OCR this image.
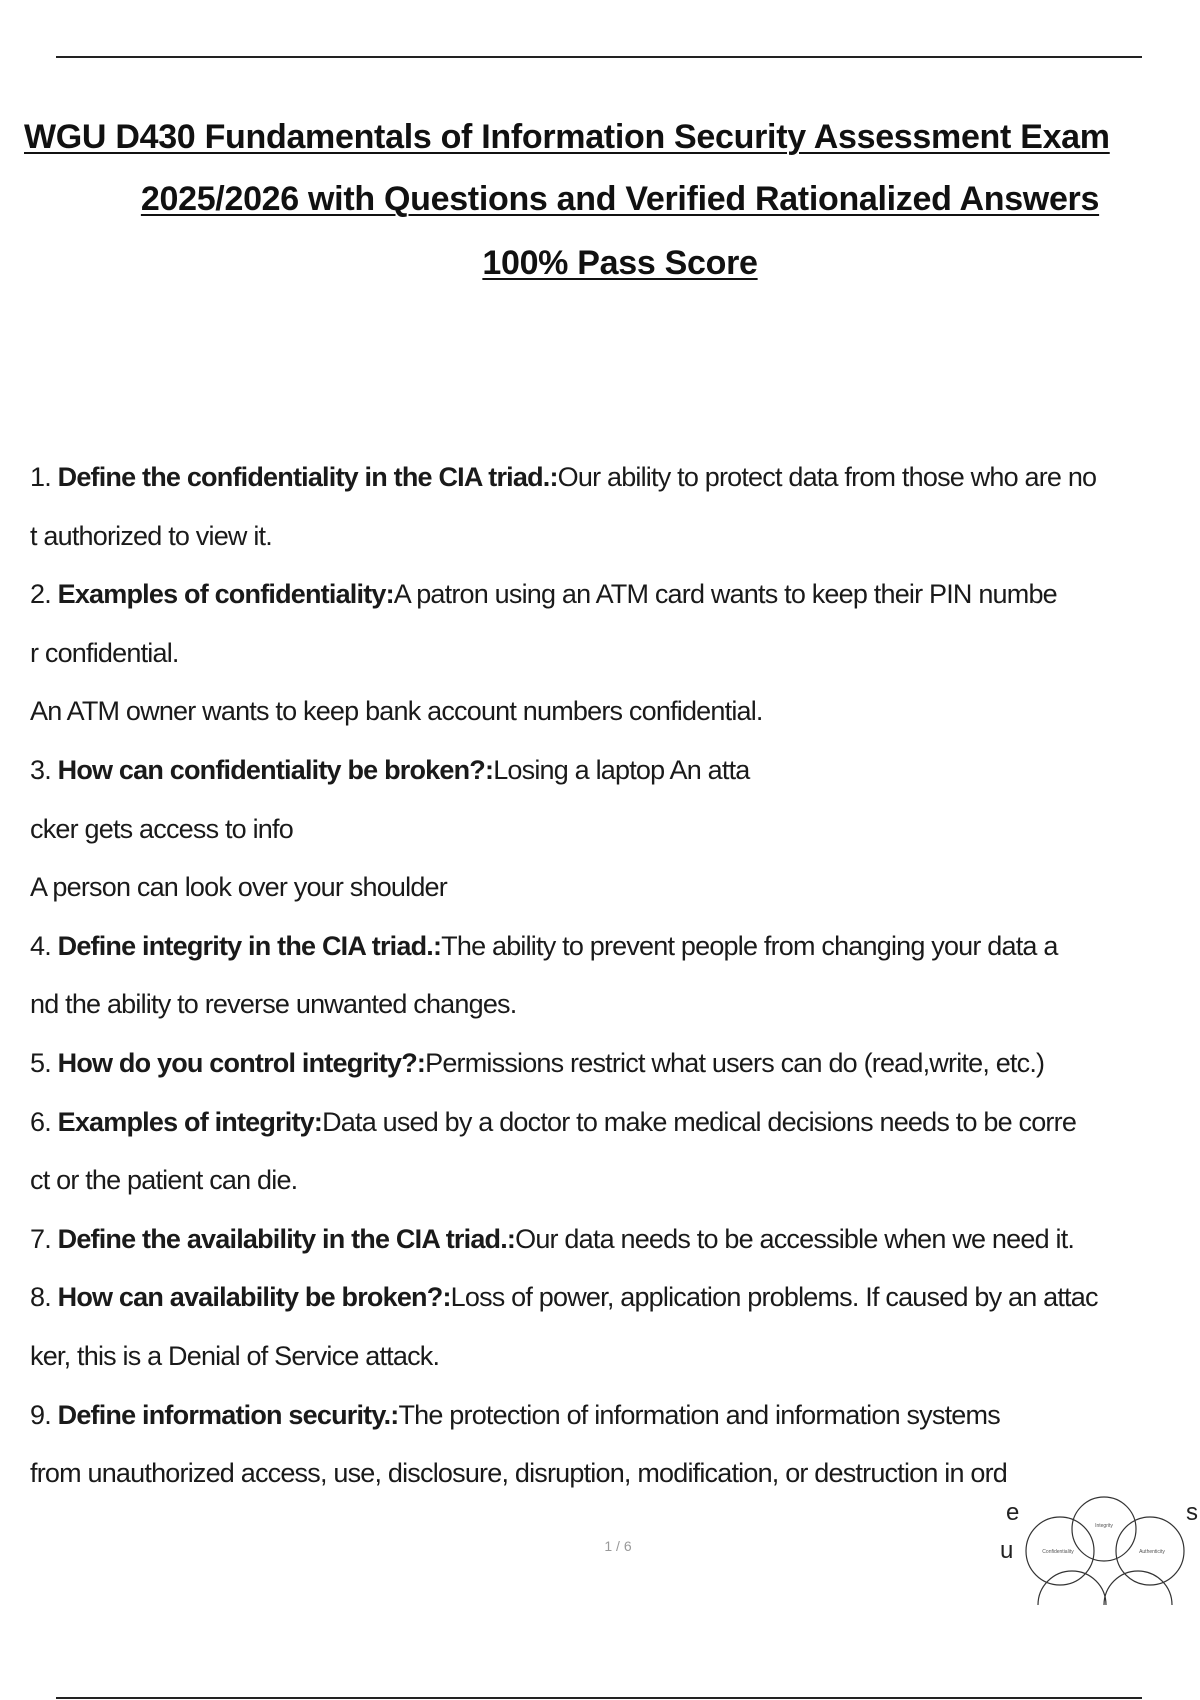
WGU D430 Fundamentals of Information Security Assessment Exam
2025/2026 with Questions and Verified Rationalized Answers
100% Pass Score
1. Define the confidentiality in the CIA triad.:Our ability to protect data from those who are no
t authorized to view it.
2. Examples of confidentiality:A patron using an ATM card wants to keep their PIN numbe
r confidential.
An ATM owner wants to keep bank account numbers confidential.
3. How can confidentiality be broken?:Losing a laptop An atta
cker gets access to info
A person can look over your shoulder
4. Define integrity in the CIA triad.:The ability to prevent people from changing your data a
nd the ability to reverse unwanted changes.
5. How do you control integrity?:Permissions restrict what users can do (read,write, etc.)
6. Examples of integrity:Data used by a doctor to make medical decisions needs to be corre
ct or the patient can die.
7. Define the availability in the CIA triad.:Our data needs to be accessible when we need it.
8. How can availability be broken?:Loss of power, application problems. If caused by an attac
ker, this is a Denial of Service attack.
9. Define information security.:The protection of information and information systems
from unauthorized access, use, disclosure, disruption, modification, or destruction in ord
1 / 6
e	s
u
Integrity
Confidentiality	Authenticity
